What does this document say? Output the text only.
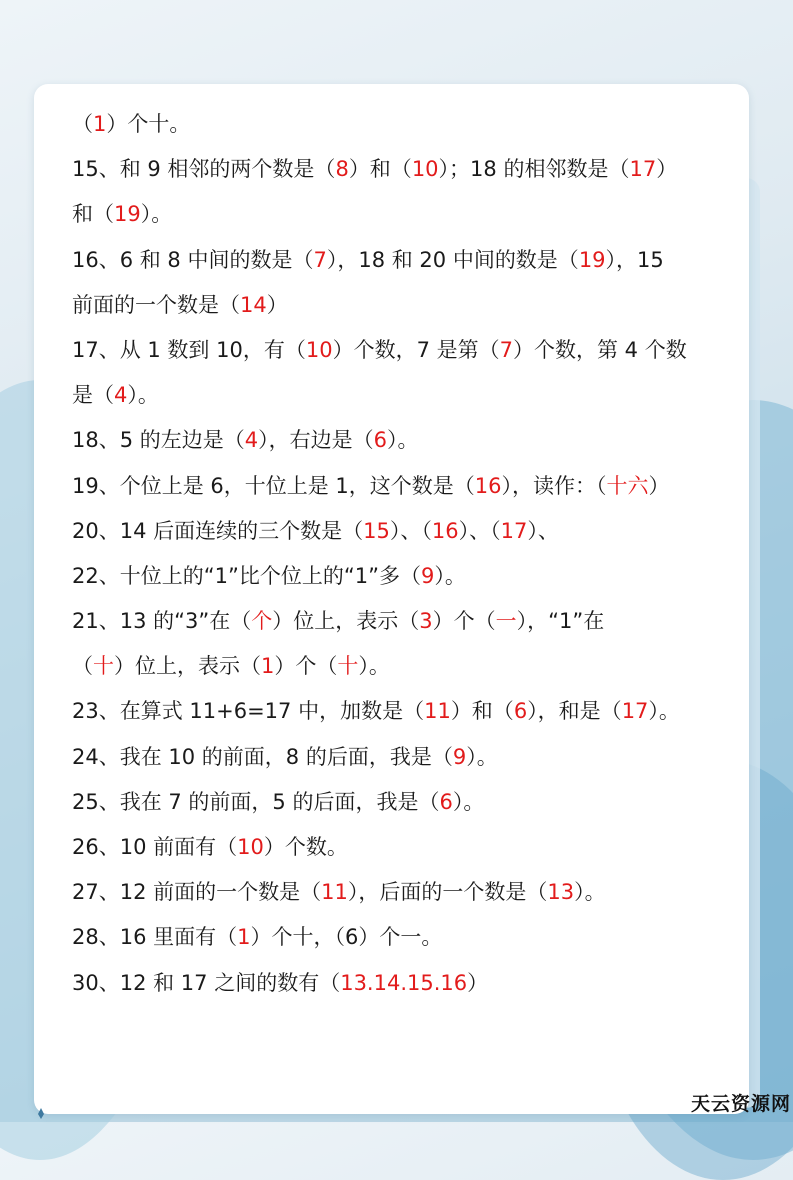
（1）个十。
15、和 9 相邻的两个数是（8）和（10）；18 的相邻数是（17）
和（19）。
16、6 和 8 中间的数是（7），18 和 20 中间的数是（19），15
前面的一个数是（14）
17、从 1 数到 10，有（10）个数，7 是第（7）个数，第 4 个数
是（4）。
18、5 的左边是（4），右边是（6）。
19、个位上是 6，十位上是 1，这个数是（16），读作：（十六）
20、14 后面连续的三个数是（15）、（16）、（17）、
22、十位上的“1”比个位上的“1”多（9）。
21、13 的“3”在（个）位上，表示（3）个（一），“1”在
（十）位上，表示（1）个（十）。
23、在算式 11+6=17 中，加数是（11）和（6），和是（17）。
24、我在 10 的前面，8 的后面，我是（9）。
25、我在 7 的前面，5 的后面，我是（6）。
26、10 前面有（10）个数。
27、12 前面的一个数是（11），后面的一个数是（13）。
28、16 里面有（1）个十，（6）个一。
30、12 和 17 之间的数有（13.14.15.16）
天云资源网
